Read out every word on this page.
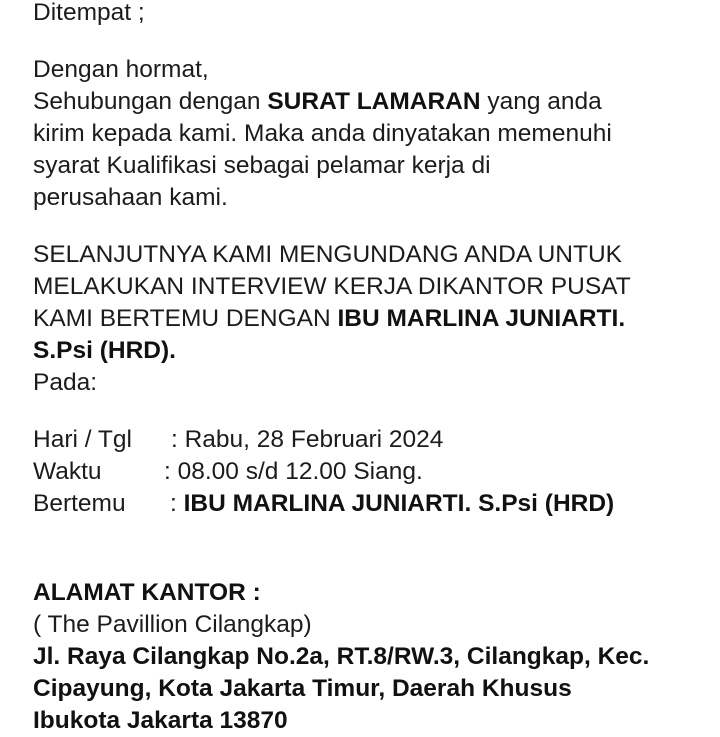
Ditempat ;

Dengan hormat,
Sehubungan dengan SURAT LAMARAN yang anda
kirim kepada kami. Maka anda dinyatakan memenuhi
syarat Kualifikasi sebagai pelamar kerja di
perusahaan kami.

SELANJUTNYA KAMI MENGUNDANG ANDA UNTUK
MELAKUKAN INTERVIEW KERJA DIKANTOR PUSAT
KAMI BERTEMU DENGAN IBU MARLINA JUNIARTI.
S.Psi (HRD).
Pada:

Hari / Tgl : Rabu, 28 Februari 2024
Waktu	: 08.00 s/d 12.00 Siang.
Bertemu : IBU MARLINA JUNIARTI. S.Psi (HRD)
ALAMAT KANTOR :
( The Pavillion Cilangkap)
Jl. Raya Cilangkap No.2a, RT.8/RW.3, Cilangkap, Kec.
Cipayung, Kota Jakarta Timur, Daerah Khusus
Ibukota Jakarta 13870
